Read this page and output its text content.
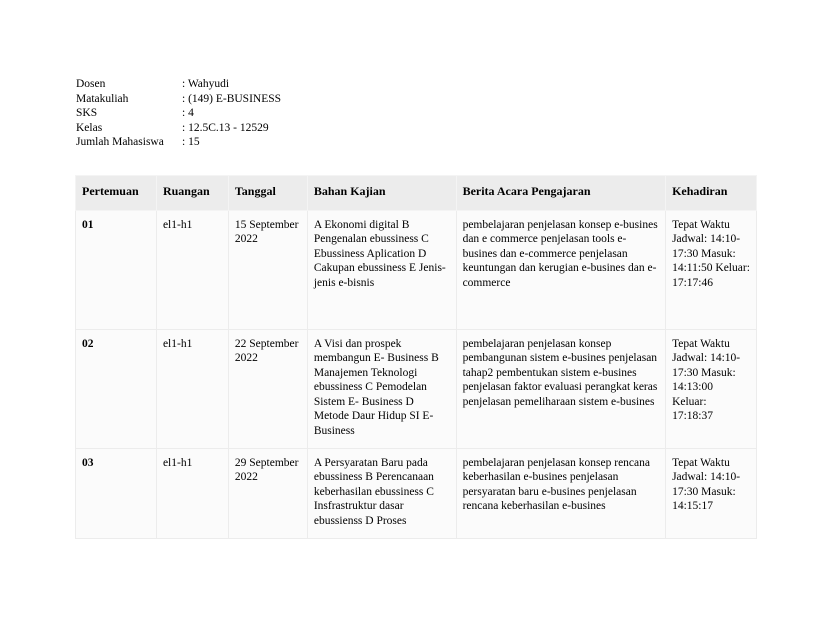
Dosen	: Wahyudi
Matakuliah	: (149) E-BUSINESS
SKS	: 4
Kelas	: 12.5C.13 - 12529
Jumlah Mahasiswa	: 15
Pertemuan	Ruangan	Tanggal	Bahan Kajian	Berita Acara Pengajaran	Kehadiran
01	el1-h1	15 September 2022	A Ekonomi digital B Pengenalan ebussiness C Ebussiness Aplication D Cakupan ebussiness E Jenis-jenis e-bisnis	pembelajaran penjelasan konsep e-busines dan e commerce penjelasan tools e-busines dan e-commerce penjelasan keuntungan dan kerugian e-busines dan e-commerce	Tepat Waktu Jadwal: 14:10-17:30 Masuk: 14:11:50 Keluar: 17:17:46
02	el1-h1	22 September 2022	A Visi dan prospek membangun E- Business B Manajemen Teknologi ebussiness C Pemodelan Sistem E- Business D Metode Daur Hidup SI E-Business	pembelajaran penjelasan konsep pembangunan sistem e-busines penjelasan tahap2 pembentukan sistem e-busines penjelasan faktor evaluasi perangkat keras penjelasan pemeliharaan sistem e-busines	Tepat Waktu Jadwal: 14:10-17:30 Masuk: 14:13:00 Keluar: 17:18:37
03	el1-h1	29 September 2022	A Persyaratan Baru pada ebussiness B Perencanaan keberhasilan ebussiness C Insfrastruktur dasar ebussienss D Proses	pembelajaran penjelasan konsep rencana keberhasilan e-busines penjelasan persyaratan baru e-busines penjelasan rencana keberhasilan e-busines	Tepat Waktu Jadwal: 14:10-17:30 Masuk: 14:15:17
